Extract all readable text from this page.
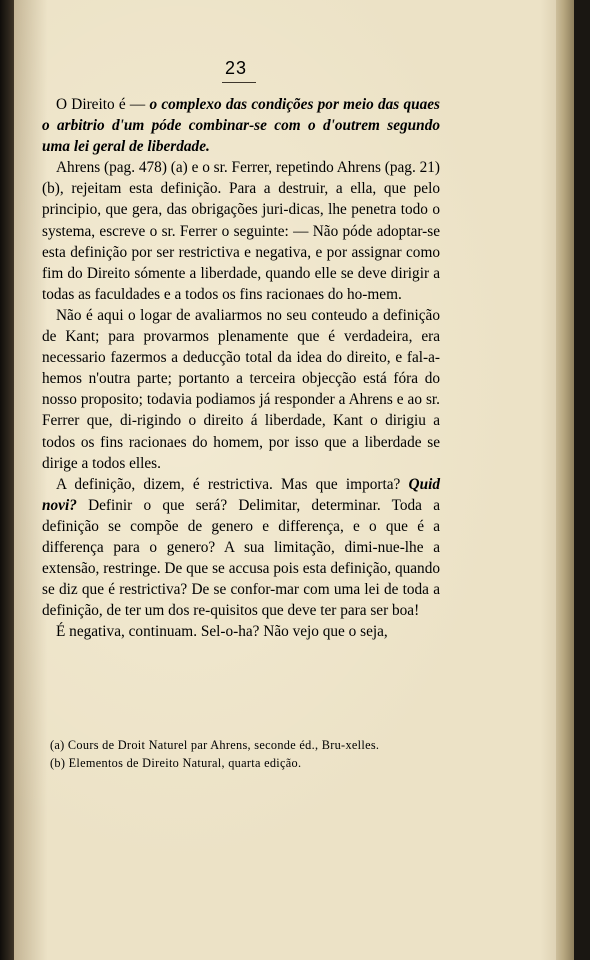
23

O Direito é — o complexo das condições por meio das quaes o arbitrio d'um póde combinar-se com o d'outrem segundo uma lei geral de liberdade.

Ahrens (pag. 478) (a) e o sr. Ferrer, repetindo Ahrens (pag. 21) (b), rejeitam esta definição. Para a destruir, a ella, que pelo principio, que gera, das obrigações juri-dicas, lhe penetra todo o systema, escreve o sr. Ferrer o seguinte: — Não póde adoptar-se esta definição por ser restrictiva e negativa, e por assignar como fim do Direito sómente a liberdade, quando elle se deve dirigir a todas as faculdades e a todos os fins racionaes do ho-mem.

Não é aqui o logar de avaliarmos no seu conteudo a definição de Kant; para provarmos plenamente que é verdadeira, era necessario fazermos a deducção total da idea do direito, e fal-a-hemos n'outra parte; portanto a terceira objecção está fóra do nosso proposito; todavia podiamos já responder a Ahrens e ao sr. Ferrer que, di-rigindo o direito á liberdade, Kant o dirigiu a todos os fins racionaes do homem, por isso que a liberdade se dirige a todos elles.

A definição, dizem, é restrictiva. Mas que importa? Quid novi? Definir o que será? Delimitar, determinar. Toda a definição se compõe de genero e differença, e o que é a differença para o genero? A sua limitação, dimi-nue-lhe a extensão, restringe. De que se accusa pois esta definição, quando se diz que é restrictiva? De se confor-mar com uma lei de toda a definição, de ter um dos re-quisitos que deve ter para ser boa!

É negativa, continuam. Sel-o-ha? Não vejo que o seja,

(a) Cours de Droit Naturel par Ahrens, seconde éd., Bru-xelles.

(b) Elementos de Direito Natural, quarta edição.
